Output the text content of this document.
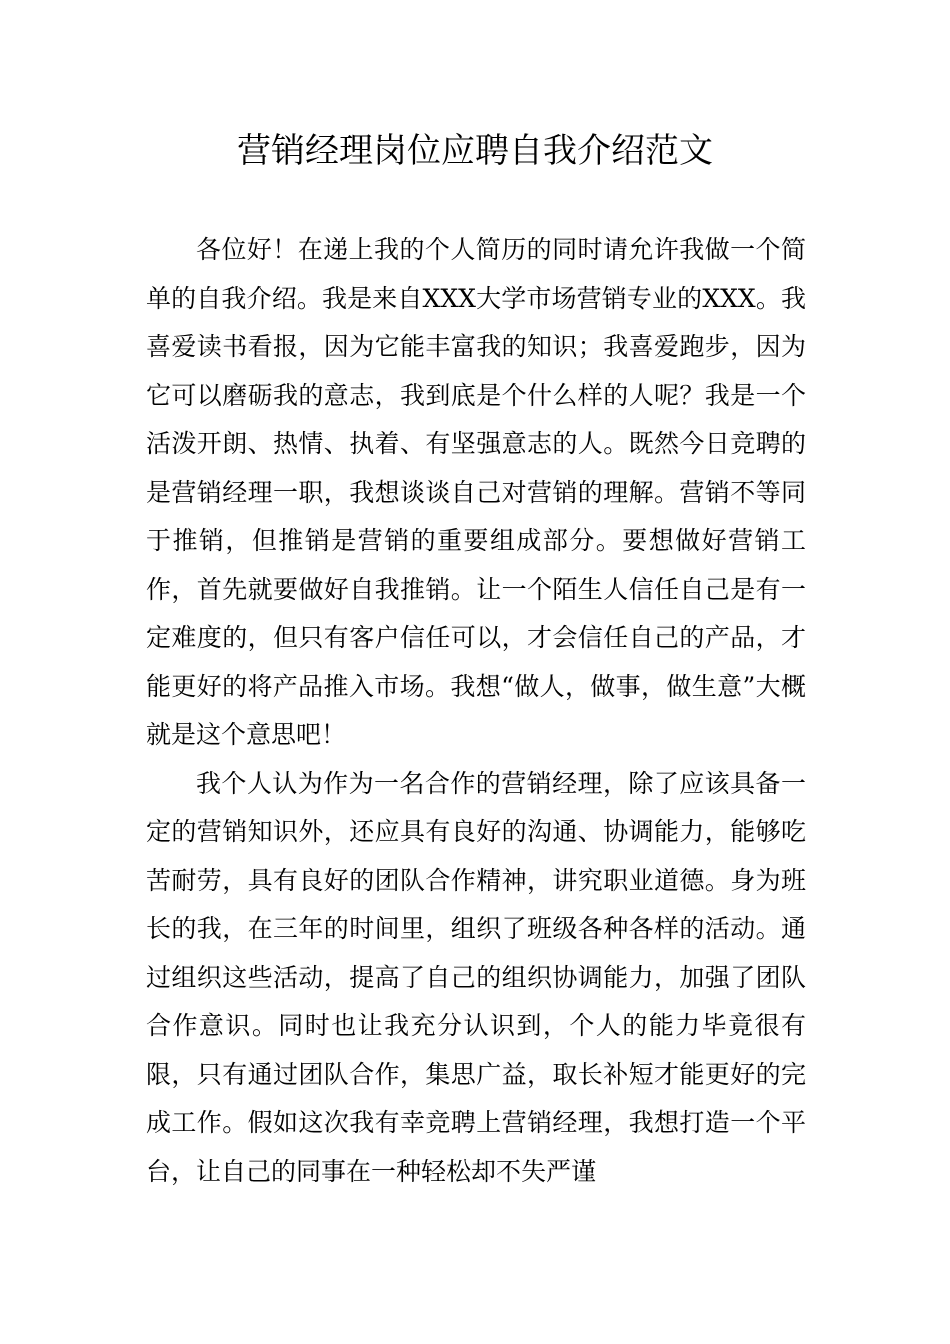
营销经理岗位应聘自我介绍范文

各位好！在递上我的个人简历的同时请允许我做一个简单的自我介绍。我是来自XXX大学市场营销专业的XXX。我喜爱读书看报，因为它能丰富我的知识；我喜爱跑步，因为它可以磨砺我的意志，我到底是个什么样的人呢？我是一个活泼开朗、热情、执着、有坚强意志的人。既然今日竞聘的是营销经理一职，我想谈谈自己对营销的理解。营销不等同于推销，但推销是营销的重要组成部分。要想做好营销工作，首先就要做好自我推销。让一个陌生人信任自己是有一定难度的，但只有客户信任可以，才会信任自己的产品，才能更好的将产品推入市场。我想“做人，做事，做生意”大概就是这个意思吧！

我个人认为作为一名合作的营销经理，除了应该具备一定的营销知识外，还应具有良好的沟通、协调能力，能够吃苦耐劳，具有良好的团队合作精神，讲究职业道德。身为班长的我，在三年的时间里，组织了班级各种各样的活动。通过组织这些活动，提高了自己的组织协调能力，加强了团队合作意识。同时也让我充分认识到，个人的能力毕竟很有限，只有通过团队合作，集思广益，取长补短才能更好的完成工作。假如这次我有幸竞聘上营销经理，我想打造一个平台，让自己的同事在一种轻松却不失严谨
